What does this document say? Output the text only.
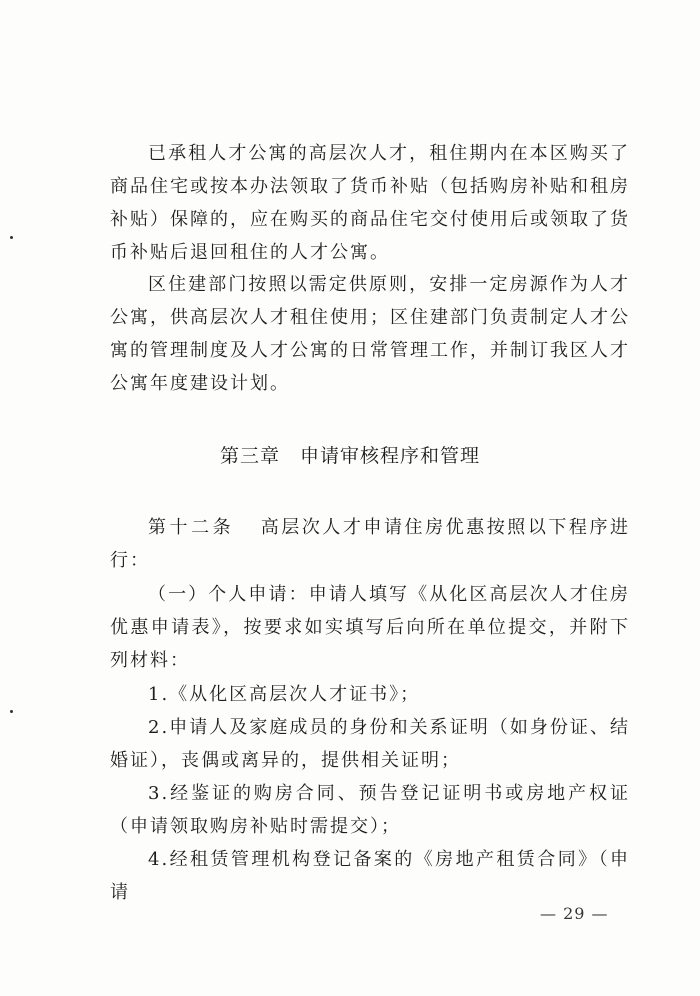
已承租人才公寓的高层次人才，租住期内在本区购买了商品住宅或按本办法领取了货币补贴（包括购房补贴和租房补贴）保障的，应在购买的商品住宅交付使用后或领取了货币补贴后退回租住的人才公寓。

区住建部门按照以需定供原则，安排一定房源作为人才公寓，供高层次人才租住使用；区住建部门负责制定人才公寓的管理制度及人才公寓的日常管理工作，并制订我区人才公寓年度建设计划。

第三章　申请审核程序和管理

第十二条 高层次人才申请住房优惠按照以下程序进行：

（一）个人申请：申请人填写《从化区高层次人才住房优惠申请表》，按要求如实填写后向所在单位提交，并附下列材料：

1.《从化区高层次人才证书》；

2.申请人及家庭成员的身份和关系证明（如身份证、结婚证），丧偶或离异的，提供相关证明；

3.经鉴证的购房合同、预告登记证明书或房地产权证（申请领取购房补贴时需提交）；

4.经租赁管理机构登记备案的《房地产租赁合同》（申请

— 29 —
